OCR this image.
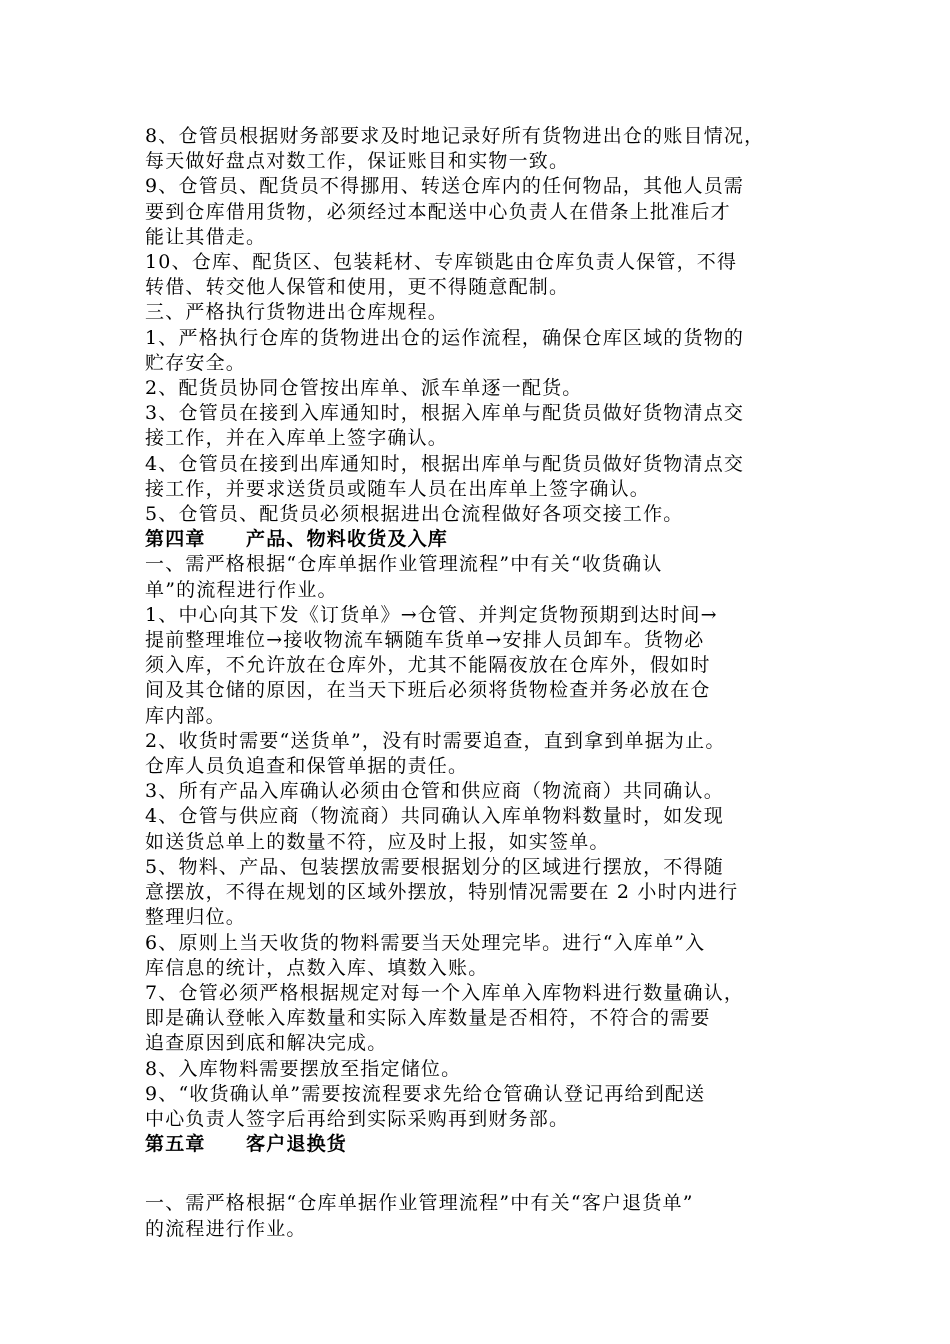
8、仓管员根据财务部要求及时地记录好所有货物进出仓的账目情况，
每天做好盘点对数工作，保证账目和实物一致。
9、仓管员、配货员不得挪用、转送仓库内的任何物品，其他人员需
要到仓库借用货物，必须经过本配送中心负责人在借条上批准后才
能让其借走。
10、仓库、配货区、包装耗材、专库锁匙由仓库负责人保管，不得
转借、转交他人保管和使用，更不得随意配制。
三、严格执行货物进出仓库规程。
1、严格执行仓库的货物进出仓的运作流程，确保仓库区域的货物的
贮存安全。
2、配货员协同仓管按出库单、派车单逐一配货。
3、仓管员在接到入库通知时，根据入库单与配货员做好货物清点交
接工作，并在入库单上签字确认。
4、仓管员在接到出库通知时，根据出库单与配货员做好货物清点交
接工作，并要求送货员或随车人员在出库单上签字确认。
5、仓管员、配货员必须根据进出仓流程做好各项交接工作。
第四章　　产品、物料收货及入库
一、需严格根据“仓库单据作业管理流程”中有关“收货确认
单”的流程进行作业。
1、中心向其下发《订货单》→仓管、并判定货物预期到达时间→
提前整理堆位→接收物流车辆随车货单→安排人员卸车。货物必
须入库，不允许放在仓库外，尤其不能隔夜放在仓库外，假如时
间及其仓储的原因，在当天下班后必须将货物检查并务必放在仓
库内部。
2、收货时需要“送货单”，没有时需要追查，直到拿到单据为止。
仓库人员负追查和保管单据的责任。
3、所有产品入库确认必须由仓管和供应商（物流商）共同确认。
4、仓管与供应商（物流商）共同确认入库单物料数量时，如发现
如送货总单上的数量不符，应及时上报，如实签单。
5、物料、产品、包装摆放需要根据划分的区域进行摆放，不得随
意摆放，不得在规划的区域外摆放，特别情况需要在 2 小时内进行
整理归位。
6、原则上当天收货的物料需要当天处理完毕。进行“入库单”入
库信息的统计，点数入库、填数入账。
7、仓管必须严格根据规定对每一个入库单入库物料进行数量确认，
即是确认登帐入库数量和实际入库数量是否相符，不符合的需要
追查原因到底和解决完成。
8、入库物料需要摆放至指定储位。
9、“收货确认单”需要按流程要求先给仓管确认登记再给到配送
中心负责人签字后再给到实际采购再到财务部。
第五章　　客户退换货
一、需严格根据“仓库单据作业管理流程”中有关“客户退货单”
的流程进行作业。
